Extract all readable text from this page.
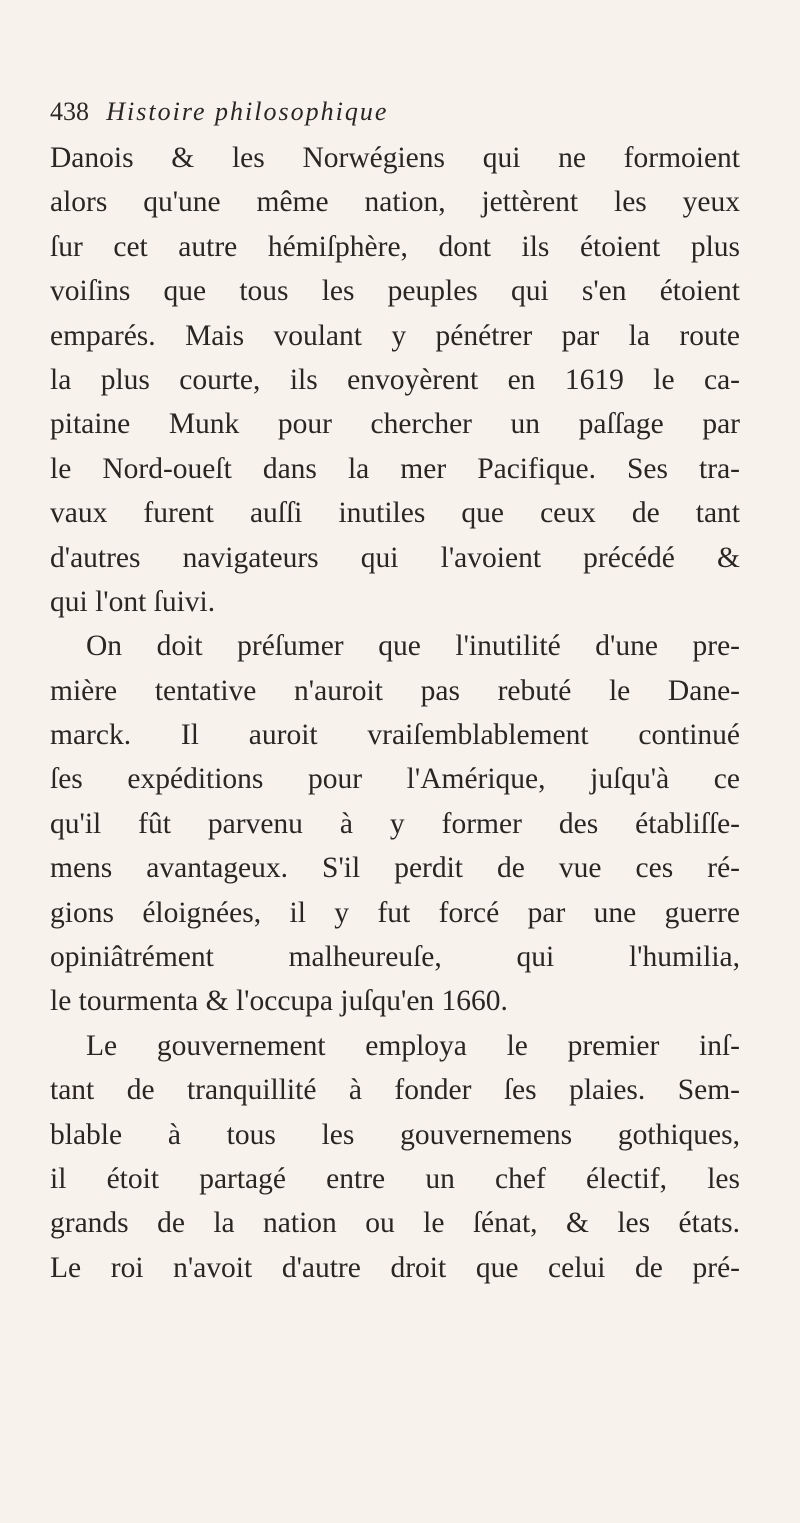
438 Histoire philosophique
Danois & les Norwégiens qui ne formoient
alors qu'une même nation, jettèrent les yeux
ſur cet autre hémiſphère, dont ils étoient plus
voiſins que tous les peuples qui s'en étoient
emparés. Mais voulant y pénétrer par la route
la plus courte, ils envoyèrent en 1619 le ca-
pitaine Munk pour chercher un paſſage par
le Nord-oueſt dans la mer Pacifique. Ses tra-
vaux furent auſſi inutiles que ceux de tant
d'autres navigateurs qui l'avoient précédé &
qui l'ont ſuivi.
On doit préſumer que l'inutilité d'une pre-
mière tentative n'auroit pas rebuté le Dane-
marck. Il auroit vraiſemblablement continué
ſes expéditions pour l'Amérique, juſqu'à ce
qu'il fût parvenu à y former des établiſſe-
mens avantageux. S'il perdit de vue ces ré-
gions éloignées, il y fut forcé par une guerre
opiniâtrément malheureuſe, qui l'humilia,
le tourmenta & l'occupa juſqu'en 1660.
Le gouvernement employa le premier inſ-
tant de tranquillité à fonder ſes plaies. Sem-
blable à tous les gouvernemens gothiques,
il étoit partagé entre un chef électif, les
grands de la nation ou le ſénat, & les états.
Le roi n'avoit d'autre droit que celui de pré-
